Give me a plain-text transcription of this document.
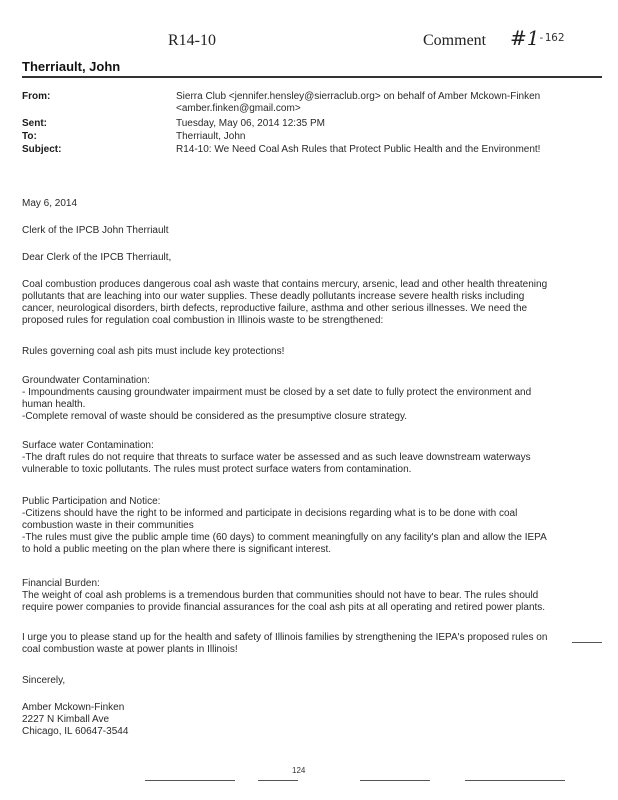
R14-10	Comment #1
-162
Therriault, John
From:	Sierra Club <jennifer.hensley@sierraclub.org> on behalf of Amber Mckown-Finken
<amber.finken@gmail.com>
Sent:	Tuesday, May 06, 2014 12:35 PM
To:	Therriault, John
Subject:	R14-10: We Need Coal Ash Rules that Protect Public Health and the Environment!
May 6, 2014
Clerk of the IPCB John Therriault
Dear Clerk of the IPCB Therriault,
Coal combustion produces dangerous coal ash waste that contains mercury, arsenic, lead and other health threatening
pollutants that are leaching into our water supplies. These deadly pollutants increase severe health risks including
cancer, neurological disorders, birth defects, reproductive failure, asthma and other serious illnesses. We need the
proposed rules for regulation coal combustion in Illinois waste to be strengthened:
Rules governing coal ash pits must include key protections!
Groundwater Contamination:
- Impoundments causing groundwater impairment must be closed by a set date to fully protect the environment and
human health.
-Complete removal of waste should be considered as the presumptive closure strategy.
Surface water Contamination:
-The draft rules do not require that threats to surface water be assessed and as such leave downstream waterways
vulnerable to toxic pollutants. The rules must protect surface waters from contamination.
Public Participation and Notice:
-Citizens should have the right to be informed and participate in decisions regarding what is to be done with coal
combustion waste in their communities
-The rules must give the public ample time (60 days) to comment meaningfully on any facility's plan and allow the IEPA
to hold a public meeting on the plan where there is significant interest.
Financial Burden:
The weight of coal ash problems is a tremendous burden that communities should not have to bear. The rules should
require power companies to provide financial assurances for the coal ash pits at all operating and retired power plants.
I urge you to please stand up for the health and safety of Illinois families by strengthening the IEPA's proposed rules on
coal combustion waste at power plants in Illinois!
Sincerely,
Amber Mckown-Finken
2227 N Kimball Ave
Chicago, IL 60647-3544
124
